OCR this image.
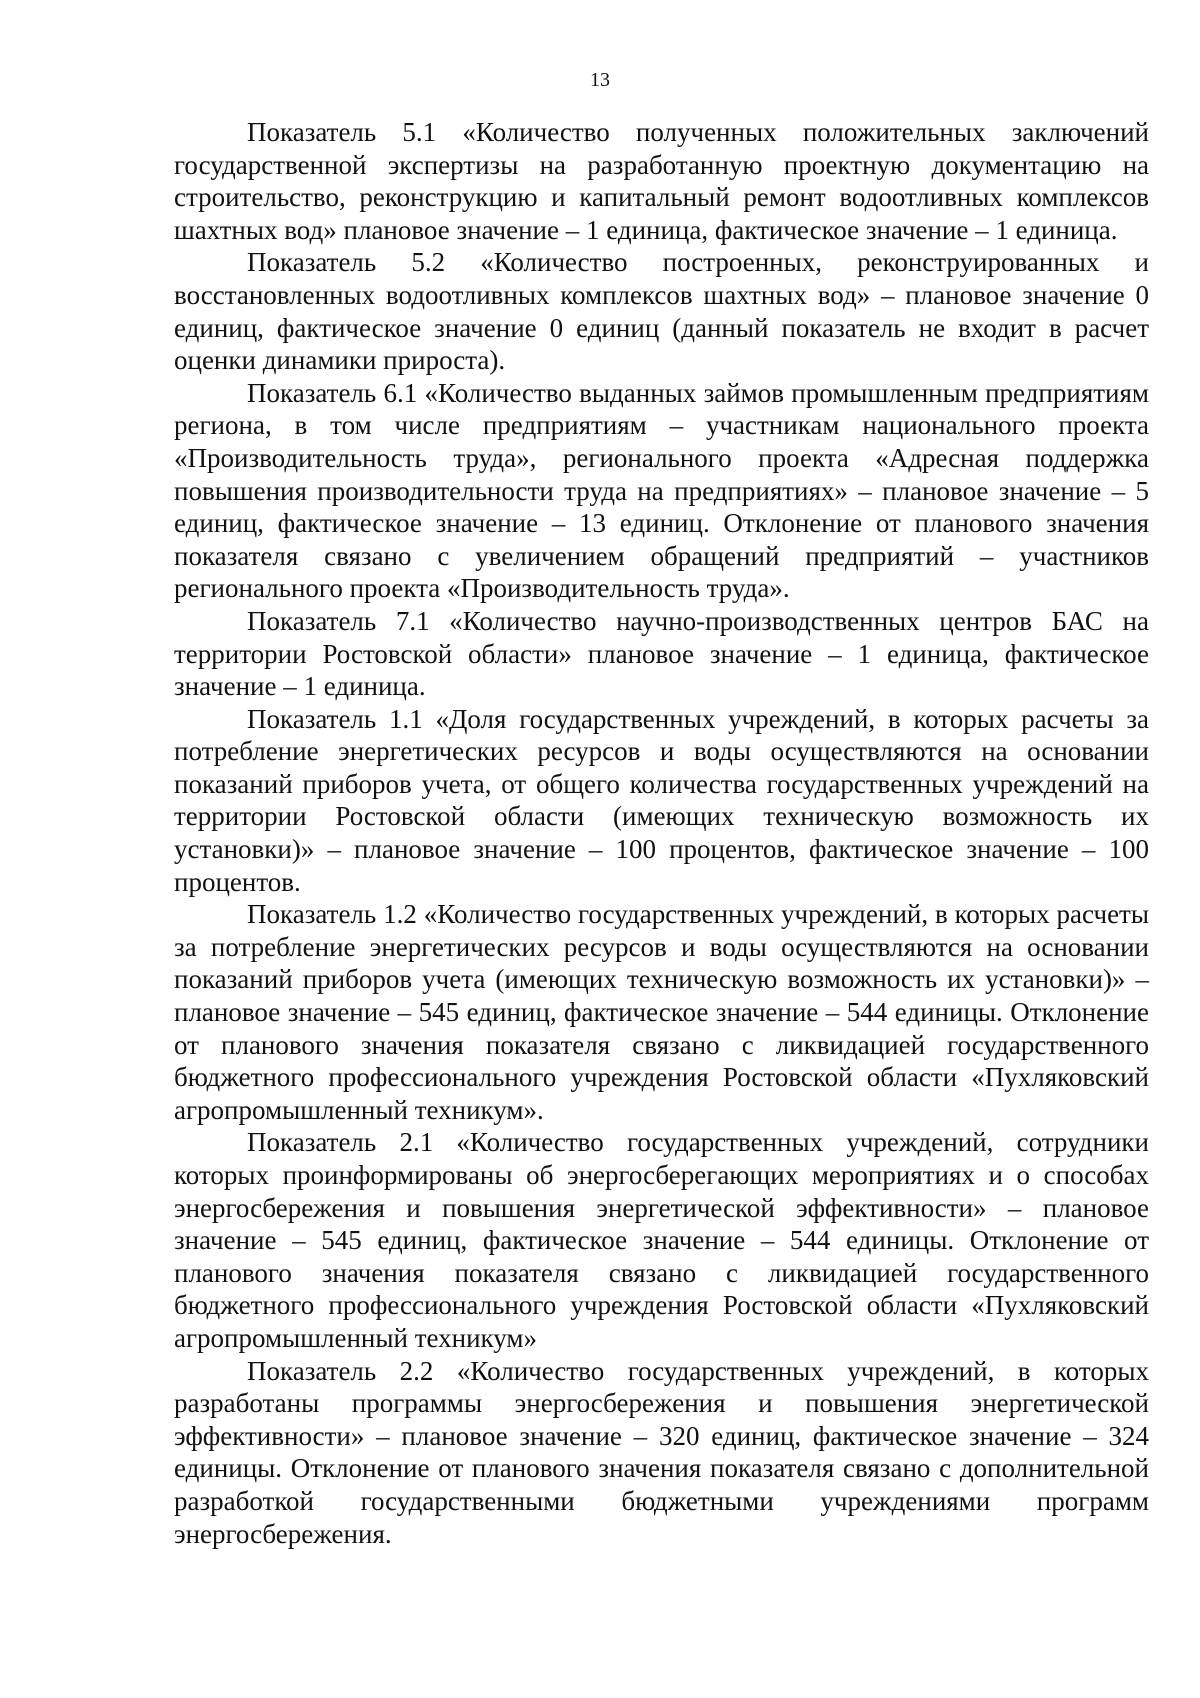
13

Показатель 5.1 «Количество полученных положительных заключений государственной экспертизы на разработанную проектную документацию на строительство, реконструкцию и капитальный ремонт водоотливных комплексов шахтных вод» плановое значение – 1 единица, фактическое значение – 1 единица.

Показатель 5.2 «Количество построенных, реконструированных и восстановленных водоотливных комплексов шахтных вод» – плановое значение 0 единиц, фактическое значение 0 единиц (данный показатель не входит в расчет оценки динамики прироста).

Показатель 6.1 «Количество выданных займов промышленным предприятиям региона, в том числе предприятиям – участникам национального проекта «Производительность труда», регионального проекта «Адресная поддержка повышения производительности труда на предприятиях» – плановое значение – 5 единиц, фактическое значение – 13 единиц. Отклонение от планового значения показателя связано с увеличением обращений предприятий – участников регионального проекта «Производительность труда».

Показатель 7.1 «Количество научно-производственных центров БАС на территории Ростовской области» плановое значение – 1 единица, фактическое значение – 1 единица.

Показатель 1.1 «Доля государственных учреждений, в которых расчеты за потребление энергетических ресурсов и воды осуществляются на основании показаний приборов учета, от общего количества государственных учреждений на территории Ростовской области (имеющих техническую возможность их установки)» – плановое значение – 100 процентов, фактическое значение – 100 процентов.

Показатель 1.2 «Количество государственных учреждений, в которых расчеты за потребление энергетических ресурсов и воды осуществляются на основании показаний приборов учета (имеющих техническую возможность их установки)» – плановое значение – 545 единиц, фактическое значение – 544 единицы. Отклонение от планового значения показателя связано с ликвидацией государственного бюджетного профессионального учреждения Ростовской области «Пухляковский агропромышленный техникум».

Показатель 2.1 «Количество государственных учреждений, сотрудники которых проинформированы об энергосберегающих мероприятиях и о способах энергосбережения и повышения энергетической эффективности» – плановое значение – 545 единиц, фактическое значение – 544 единицы. Отклонение от планового значения показателя связано с ликвидацией государственного бюджетного профессионального учреждения Ростовской области «Пухляковский агропромышленный техникум»

Показатель 2.2 «Количество государственных учреждений, в которых разработаны программы энергосбережения и повышения энергетической эффективности» – плановое значение – 320 единиц, фактическое значение – 324 единицы. Отклонение от планового значения показателя связано с дополнительной разработкой государственными бюджетными учреждениями программ энергосбережения.
